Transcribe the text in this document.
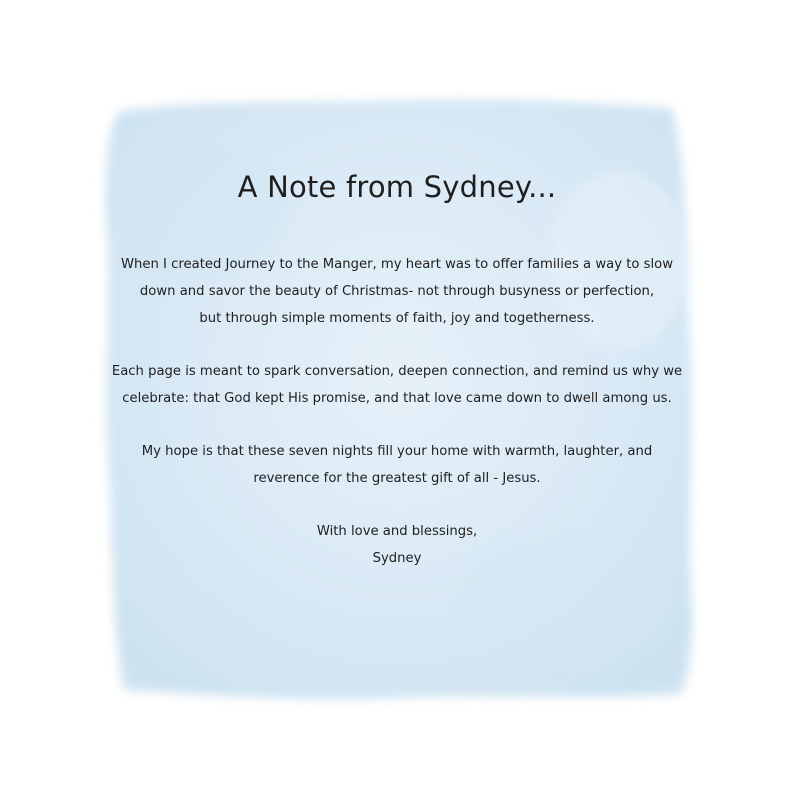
A Note from Sydney...
When I created Journey to the Manger, my heart was to offer families a way to slow
down and savor the beauty of Christmas- not through busyness or perfection,
but through simple moments of faith, joy and togetherness.
Each page is meant to spark conversation, deepen connection, and remind us why we
celebrate: that God kept His promise, and that love came down to dwell among us.
My hope is that these seven nights fill your home with warmth, laughter, and
reverence for the greatest gift of all - Jesus.
With love and blessings,
Sydney
